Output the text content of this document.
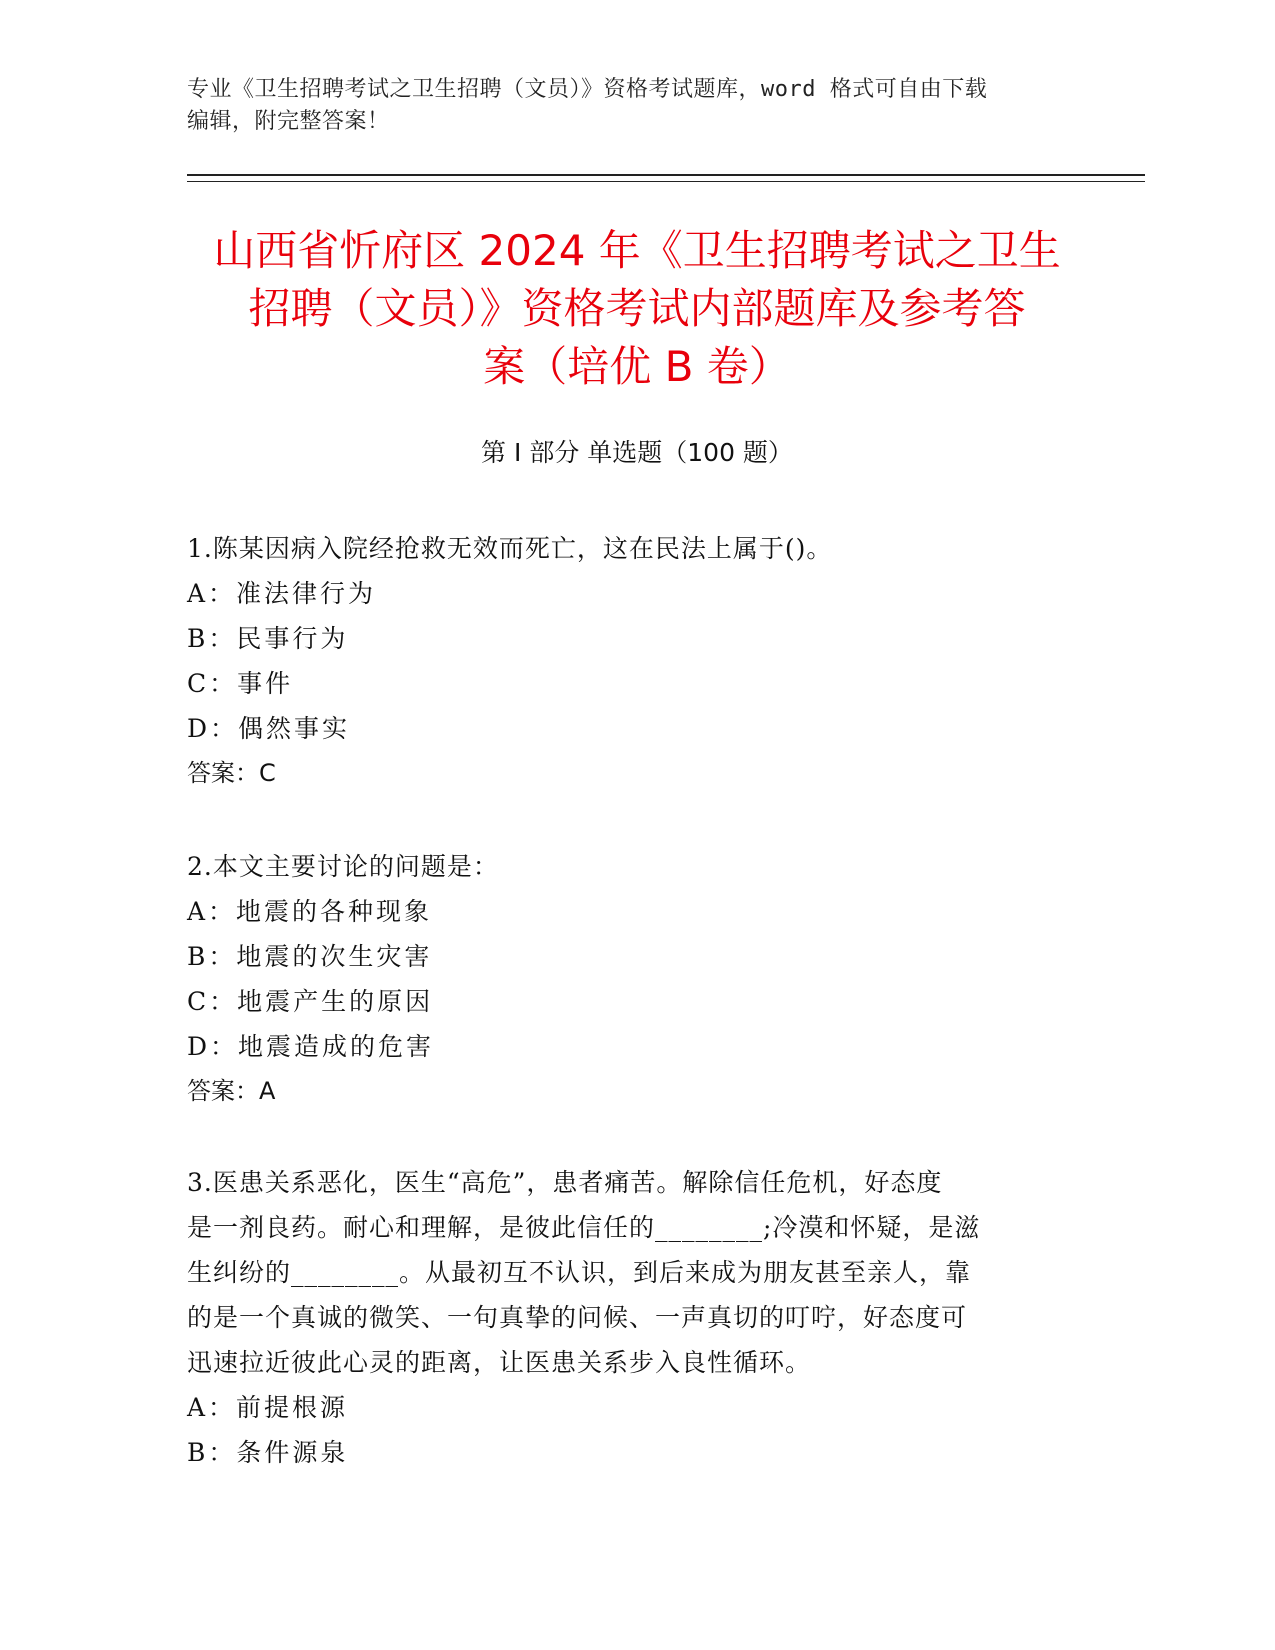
专业《卫生招聘考试之卫生招聘（文员）》资格考试题库，word 格式可自由下载
编辑，附完整答案！
山西省忻府区 2024 年《卫生招聘考试之卫生
招聘（文员）》资格考试内部题库及参考答
案（培优 B 卷）
第 I 部分 单选题（100 题）
1.陈某因病入院经抢救无效而死亡，这在民法上属于()。
A：准法律行为
B：民事行为
C：事件
D：偶然事实
答案：C
2.本文主要讨论的问题是：
A：地震的各种现象
B：地震的次生灾害
C：地震产生的原因
D：地震造成的危害
答案：A
3.医患关系恶化，医生“高危”，患者痛苦。解除信任危机，好态度
是一剂良药。耐心和理解，是彼此信任的________;冷漠和怀疑，是滋
生纠纷的________。从最初互不认识，到后来成为朋友甚至亲人，靠
的是一个真诚的微笑、一句真挚的问候、一声真切的叮咛，好态度可
迅速拉近彼此心灵的距离，让医患关系步入良性循环。
A：前提根源
B：条件源泉
